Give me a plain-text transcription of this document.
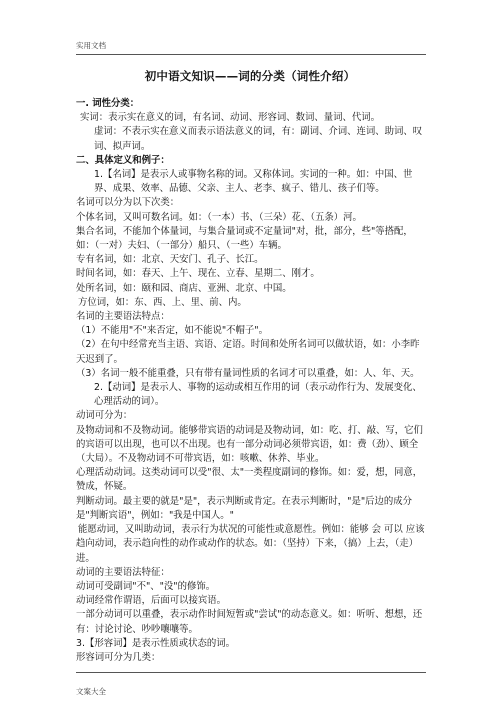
实用文档
初中语文知识——词的分类（词性介绍）

一. 词性分类：

实词：表示实在意义的词，有名词、动词、形容词、数词、量词、代词。

虚词：不表示实在意义而表示语法意义的词，有：副词、介词、连词、助词、叹词、拟声词。

二、具体定义和例子：

1.【名词】是表示人或事物名称的词。又称体词。实词的一种。如：中国、世界、成果、效率、品德、父亲、主人、老李、疯子、错儿、孩子们等。

名词可以分为以下次类：

个体名词，又叫可数名词。如：（一本）书、（三朵）花、（五条）河。

集合名词，不能加个体量词，与集合量词或不定量词"对，批，部分，些"等搭配，如：（一对）夫妇、（一部分）船只、（一些）车辆。

专有名词，如：北京、天安门、孔子、长江。

时间名词，如：春天、上午、现在、立春、星期二、刚才。

处所名词，如：颐和园、商店、亚洲、北京、中国。

方位词，如：东、西、上、里、前、内。

名词的主要语法特点：

（1）不能用"不"来否定，如不能说"不帽子"。

（2）在句中经常充当主语、宾语、定语。时间和处所名词可以做状语，如：小李昨天迟到了。

（3）名词一般不能重叠，只有带有量词性质的名词才可以重叠，如：人、年、天。

2.【动词】是表示人、事物的运动或相互作用的词（表示动作行为、发展变化、心理活动的词）。

动词可分为：

及物动词和不及物动词。能够带宾语的动词是及物动词，如：吃、打、敲、写，它们的宾语可以出现，也可以不出现。也有一部分动词必须带宾语，如：费（劲）、顾全（大局）。不及物动词不可带宾语，如：咳嗽、休养、毕业。

心理活动动词。这类动词可以受"很、太"一类程度副词的修饰。如：爱，想，同意，赞成，怀疑。

判断动词。最主要的就是"是"，表示判断或肯定。在表示判断时，"是"后边的成分是"判断宾语"，例如："我是中国人。"

能愿动词，又叫助动词，表示行为状况的可能性或意愿性。例如：能够 会 可以 应该

趋向动词，表示趋向性的动作或动作的状态。如：（坚持）下来，（搞）上去，（走）进。

动词的主要语法特征：

动词可受副词"不"、"没"的修饰。

动词经常作谓语，后面可以接宾语。

一部分动词可以重叠，表示动作时间短暂或"尝试"的动态意义。如：听听、想想，还有：讨论讨论、吵吵嚷嚷等。

3.【形容词】是表示性质或状态的词。

形容词可分为几类：

文案大全
